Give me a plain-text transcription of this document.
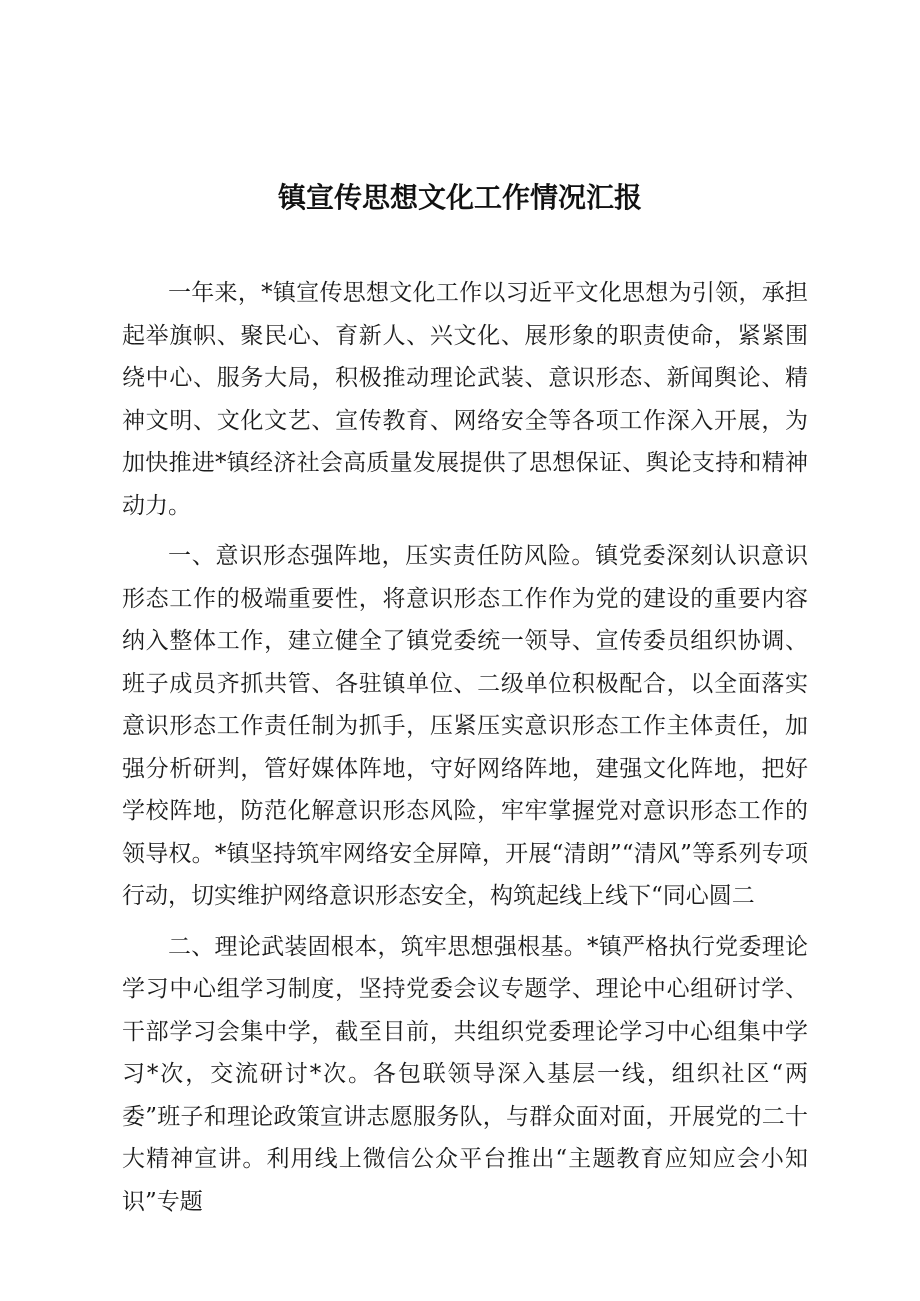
镇宣传思想文化工作情况汇报

一年来，*镇宣传思想文化工作以习近平文化思想为引领，承担起举旗帜、聚民心、育新人、兴文化、展形象的职责使命，紧紧围绕中心、服务大局，积极推动理论武装、意识形态、新闻舆论、精神文明、文化文艺、宣传教育、网络安全等各项工作深入开展，为加快推进*镇经济社会高质量发展提供了思想保证、舆论支持和精神动力。

一、意识形态强阵地，压实责任防风险。镇党委深刻认识意识形态工作的极端重要性，将意识形态工作作为党的建设的重要内容纳入整体工作，建立健全了镇党委统一领导、宣传委员组织协调、班子成员齐抓共管、各驻镇单位、二级单位积极配合，以全面落实意识形态工作责任制为抓手，压紧压实意识形态工作主体责任，加强分析研判，管好媒体阵地，守好网络阵地，建强文化阵地，把好学校阵地，防范化解意识形态风险，牢牢掌握党对意识形态工作的领导权。*镇坚持筑牢网络安全屏障，开展“清朗”“清风”等系列专项行动，切实维护网络意识形态安全，构筑起线上线下“同心圆二

二、理论武装固根本，筑牢思想强根基。*镇严格执行党委理论学习中心组学习制度，坚持党委会议专题学、理论中心组研讨学、干部学习会集中学，截至目前，共组织党委理论学习中心组集中学习*次，交流研讨*次。各包联领导深入基层一线，组织社区“两委”班子和理论政策宣讲志愿服务队，与群众面对面，开展党的二十大精神宣讲。利用线上微信公众平台推出“主题教育应知应会小知识”专题
